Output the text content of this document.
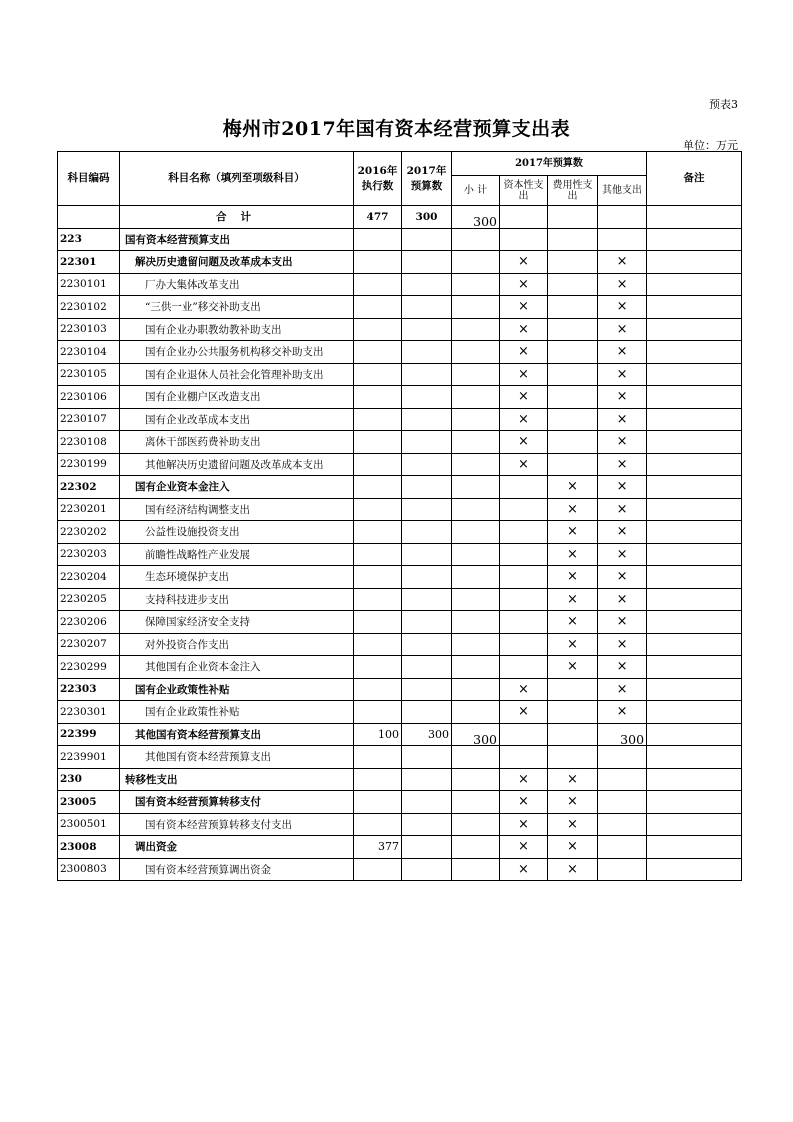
预表3
梅州市2017年国有资本经营预算支出表
单位：万元
科目编码	科目名称（填列至项级科目）	2016年执行数	2017年预算数	2017年预算数				备注
				小 计	资本性支出	费用性支出	其他支出	
	合计	477	300	300				
223	国有资本经营预算支出							
22301	解决历史遗留问题及改革成本支出				×		×	
2230101	厂办大集体改革支出				×		×	
2230102	“三供一业”移交补助支出				×		×	
2230103	国有企业办职教幼教补助支出				×		×	
2230104	国有企业办公共服务机构移交补助支出				×		×	
2230105	国有企业退休人员社会化管理补助支出				×		×	
2230106	国有企业棚户区改造支出				×		×	
2230107	国有企业改革成本支出				×		×	
2230108	离休干部医药费补助支出				×		×	
2230199	其他解决历史遗留问题及改革成本支出				×		×	
22302	国有企业资本金注入					×	×	
2230201	国有经济结构调整支出					×	×	
2230202	公益性设施投资支出					×	×	
2230203	前瞻性战略性产业发展					×	×	
2230204	生态环境保护支出					×	×	
2230205	支持科技进步支出					×	×	
2230206	保障国家经济安全支持					×	×	
2230207	对外投资合作支出					×	×	
2230299	其他国有企业资本金注入					×	×	
22303	国有企业政策性补贴				×		×	
2230301	国有企业政策性补贴				×		×	
22399	其他国有资本经营预算支出	100	300	300			300	
2239901	其他国有资本经营预算支出							
230	转移性支出				×	×		
23005	国有资本经营预算转移支付				×	×		
2300501	国有资本经营预算转移支付支出				×	×		
23008	调出资金	377			×	×		
2300803	国有资本经营预算调出资金				×	×		
